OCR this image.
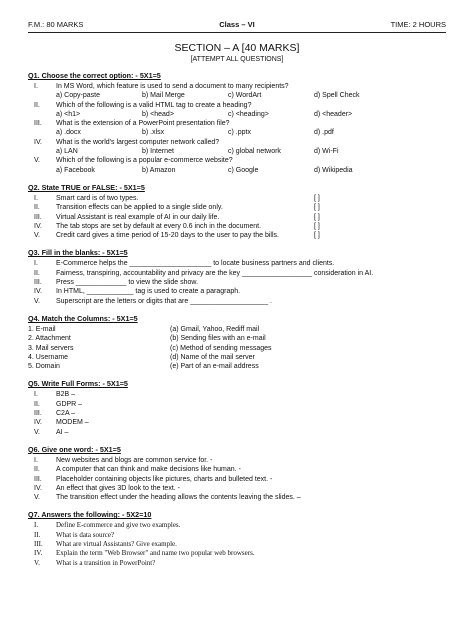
F.M.: 80 MARKS	Class – VI	TIME: 2 HOURS
SECTION – A [40 MARKS]
[ATTEMPT ALL QUESTIONS]
Q1. Choose the correct option: - 5X1=5
I.	In MS Word, which feature is used to send a document to many recipients?
a) Copy-paste	b) Mail Merge	c) WordArt	d) Spell Check
II.	Which of the following is a valid HTML tag to create a heading?
a) <h1>	b) <head>	c) <heading>	d) <header>
III.	What is the extension of a PowerPoint presentation file?
a) .docx	b) .xlsx	c) .pptx	d) .pdf
IV.	What is the world's largest computer network called?
a) LAN	b) Internet	c) global network	d) Wi-Fi
V.	Which of the following is a popular e-commerce website?
a) Facebook	b) Amazon	c) Google	d) Wikipedia
Q2. State TRUE or FALSE: - 5X1=5
I.	Smart card is of two types.	[ ]
II.	Transition effects can be applied to a single slide only.	[ ]
III.	Virtual Assistant is real example of AI in our daily life.	[ ]
IV.	The tab stops are set by default at every 0.6 inch in the document.	[ ]
V.	Credit card gives a time period of 15-20 days to the user to pay the bills.	[ ]
Q3. Fill in the blanks: - 5X1=5
I.	E-Commerce helps the _____________________ to locate business partners and clients.
II.	Fairness, transpiring, accountability and privacy are the key __________________ consideration in AI.
III.	Press _____________ to view the slide show.
IV.	In HTML, ____________ tag is used to create a paragraph.
V.	Superscript are the letters or digits that are ____________________ .
Q4. Match the Columns: - 5X1=5
1. E-mail	(a) Gmail, Yahoo, Rediff mail
2. Attachment	(b) Sending files with an e-mail
3. Mail servers	(c) Method of sending messages
4. Username	(d) Name of the mail server
5. Domain	(e) Part of an e-mail address
Q5. Write Full Forms: - 5X1=5
I.	B2B –
II.	GDPR –
III.	C2A –
IV.	MODEM –
V.	AI –
Q6. Give one word: - 5X1=5
I.	New websites and blogs are common service for. -
II.	A computer that can think and make decisions like human. -
III.	Placeholder containing objects like pictures, charts and bulleted text. -
IV.	An effect that gives 3D look to the text. -
V.	The transition effect under the heading allows the contents leaving the slides. –
Q7. Answers the following: - 5X2=10
I.	Define E-commerce and give two examples.
II.	What is data source?
III.	What are virtual Assistants? Give example.
IV.	Explain the term "Web Browser" and name two popular web browsers.
V.	What is a transition in PowerPoint?
